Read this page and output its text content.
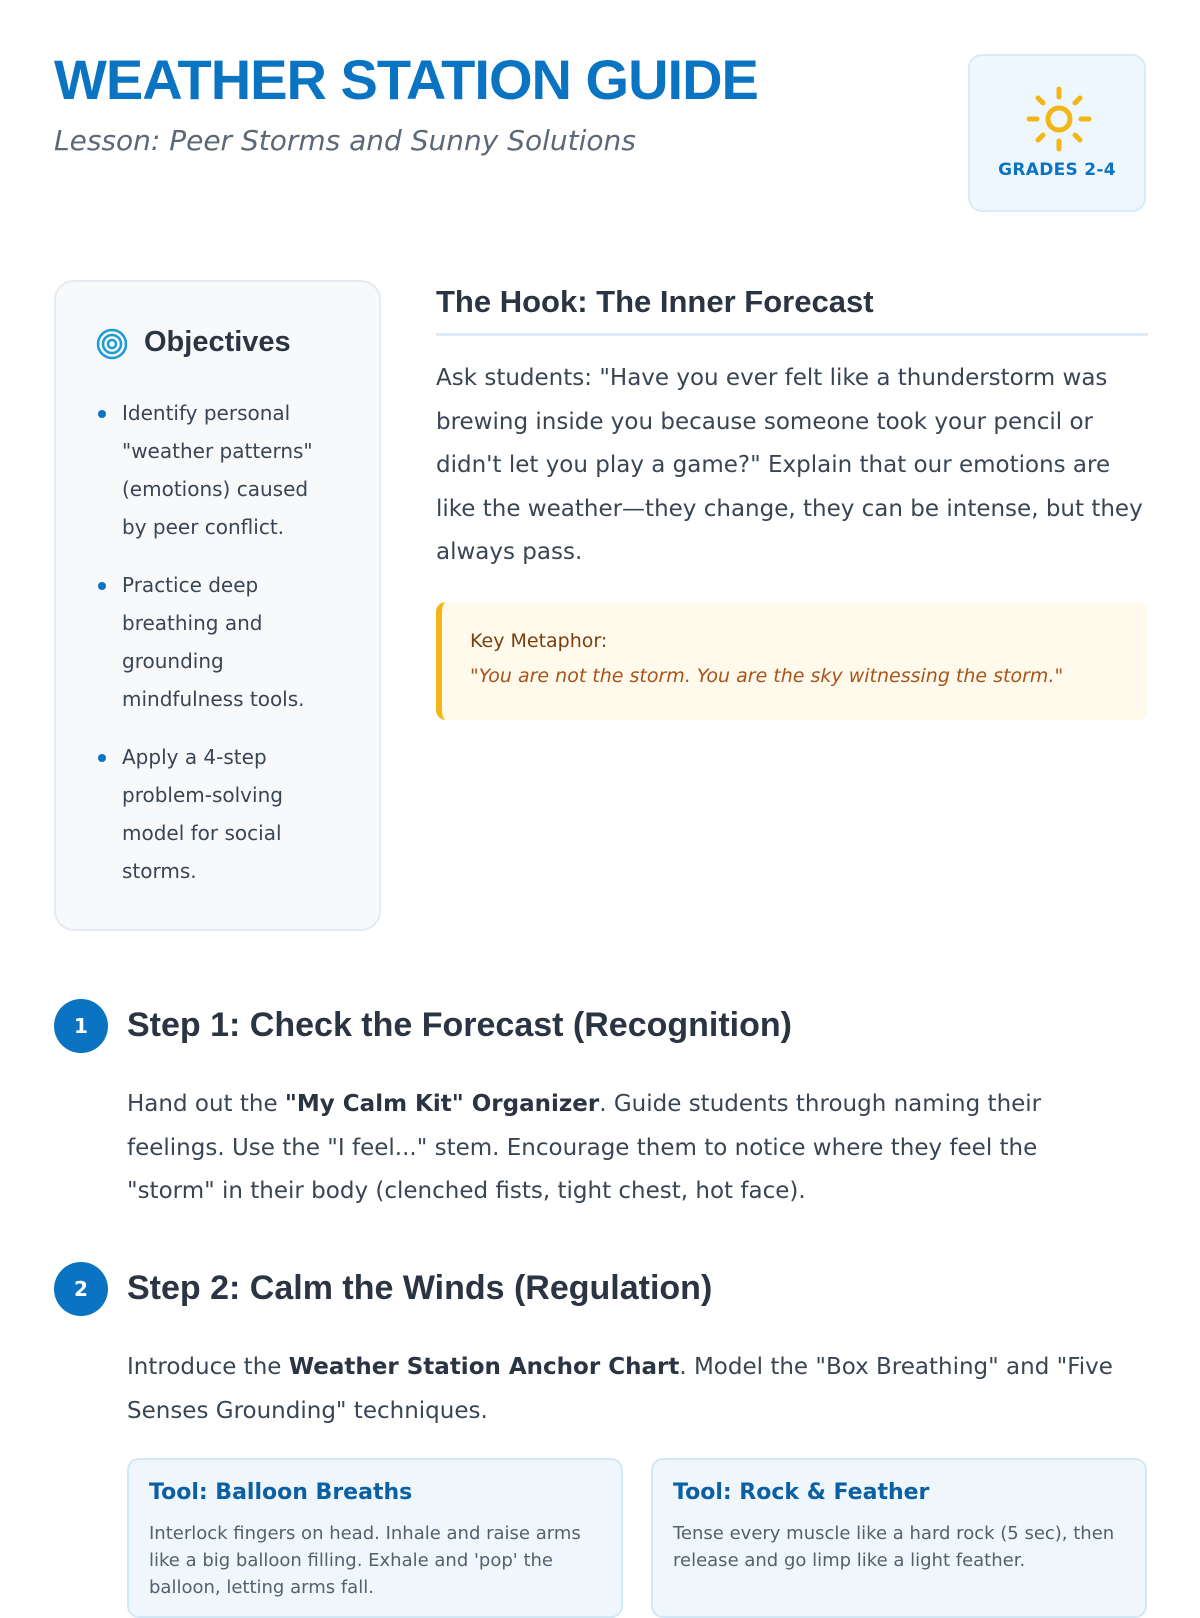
WEATHER STATION GUIDE
Lesson: Peer Storms and Sunny Solutions
GRADES 2-4
Objectives
Identify personal "weather patterns" (emotions) caused by peer conflict.
Practice deep breathing and grounding mindfulness tools.
Apply a 4-step problem-solving model for social storms.
The Hook: The Inner Forecast

Ask students: "Have you ever felt like a thunderstorm was brewing inside you because someone took your pencil or didn't let you play a game?" Explain that our emotions are like the weather—they change, they can be intense, but they always pass.

Key Metaphor:
"You are not the storm. You are the sky witnessing the storm."
1	Step 1: Check the Forecast (Recognition)

Hand out the "My Calm Kit" Organizer. Guide students through naming their feelings. Use the "I feel..." stem. Encourage them to notice where they feel the "storm" in their body (clenched fists, tight chest, hot face).

2	Step 2: Calm the Winds (Regulation)

Introduce the Weather Station Anchor Chart. Model the "Box Breathing" and "Five Senses Grounding" techniques.

Tool: Balloon Breaths

Interlock fingers on head. Inhale and raise arms like a big balloon filling. Exhale and 'pop' the balloon, letting arms fall.

Tool: Rock & Feather

Tense every muscle like a hard rock (5 sec), then release and go limp like a light feather.
